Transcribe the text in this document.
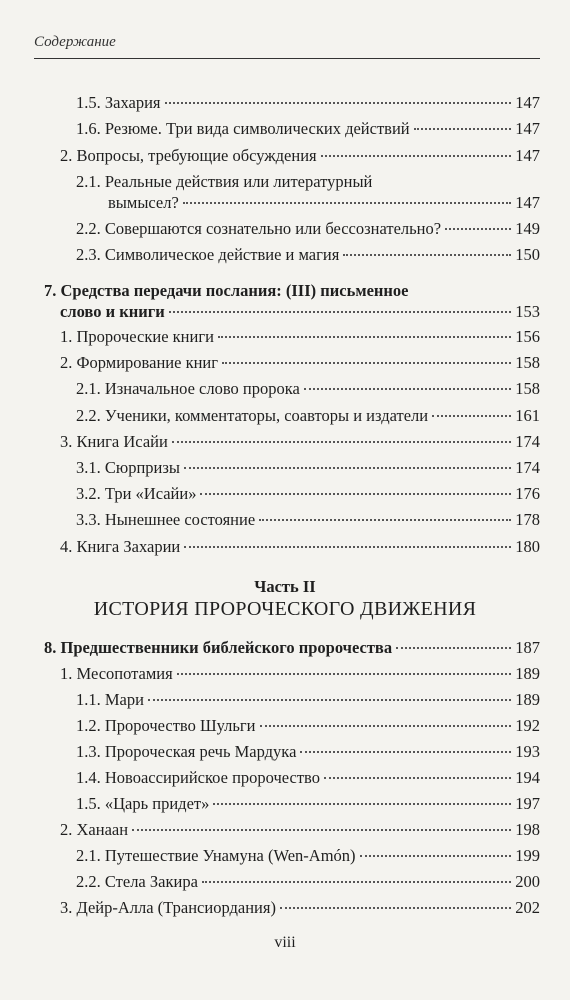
Содержание
1.5. Захария	147
1.6. Резюме. Три вида символических действий	147
2. Вопросы, требующие обсуждения	147
2.1. Реальные действия или литературный
вымысел?	147
2.2. Совершаются сознательно или бессознательно?	149
2.3. Символическое действие и магия	150
7. Средства передачи послания: (III) письменное
слово и книги	153
1. Пророческие книги	156
2. Формирование книг	158
2.1. Изначальное слово пророка	158
2.2. Ученики, комментаторы, соавторы и издатели	161
3. Книга Исайи	174
3.1. Сюрпризы	174
3.2. Три «Исайи»	176
3.3. Нынешнее состояние	178
4. Книга Захарии	180
Часть II
ИСТОРИЯ ПРОРОЧЕСКОГО ДВИЖЕНИЯ
8. Предшественники библейского пророчества	187
1. Месопотамия	189
1.1. Мари	189
1.2. Пророчество Шульги	192
1.3. Пророческая речь Мардука	193
1.4. Новоассирийское пророчество	194
1.5. «Царь придет»	197
2. Ханаан	198
2.1. Путешествие Унамуна (Wen-Amón)	199
2.2. Стела Закира	200
3. Дейр-Алла (Трансиордания)	202
viii
